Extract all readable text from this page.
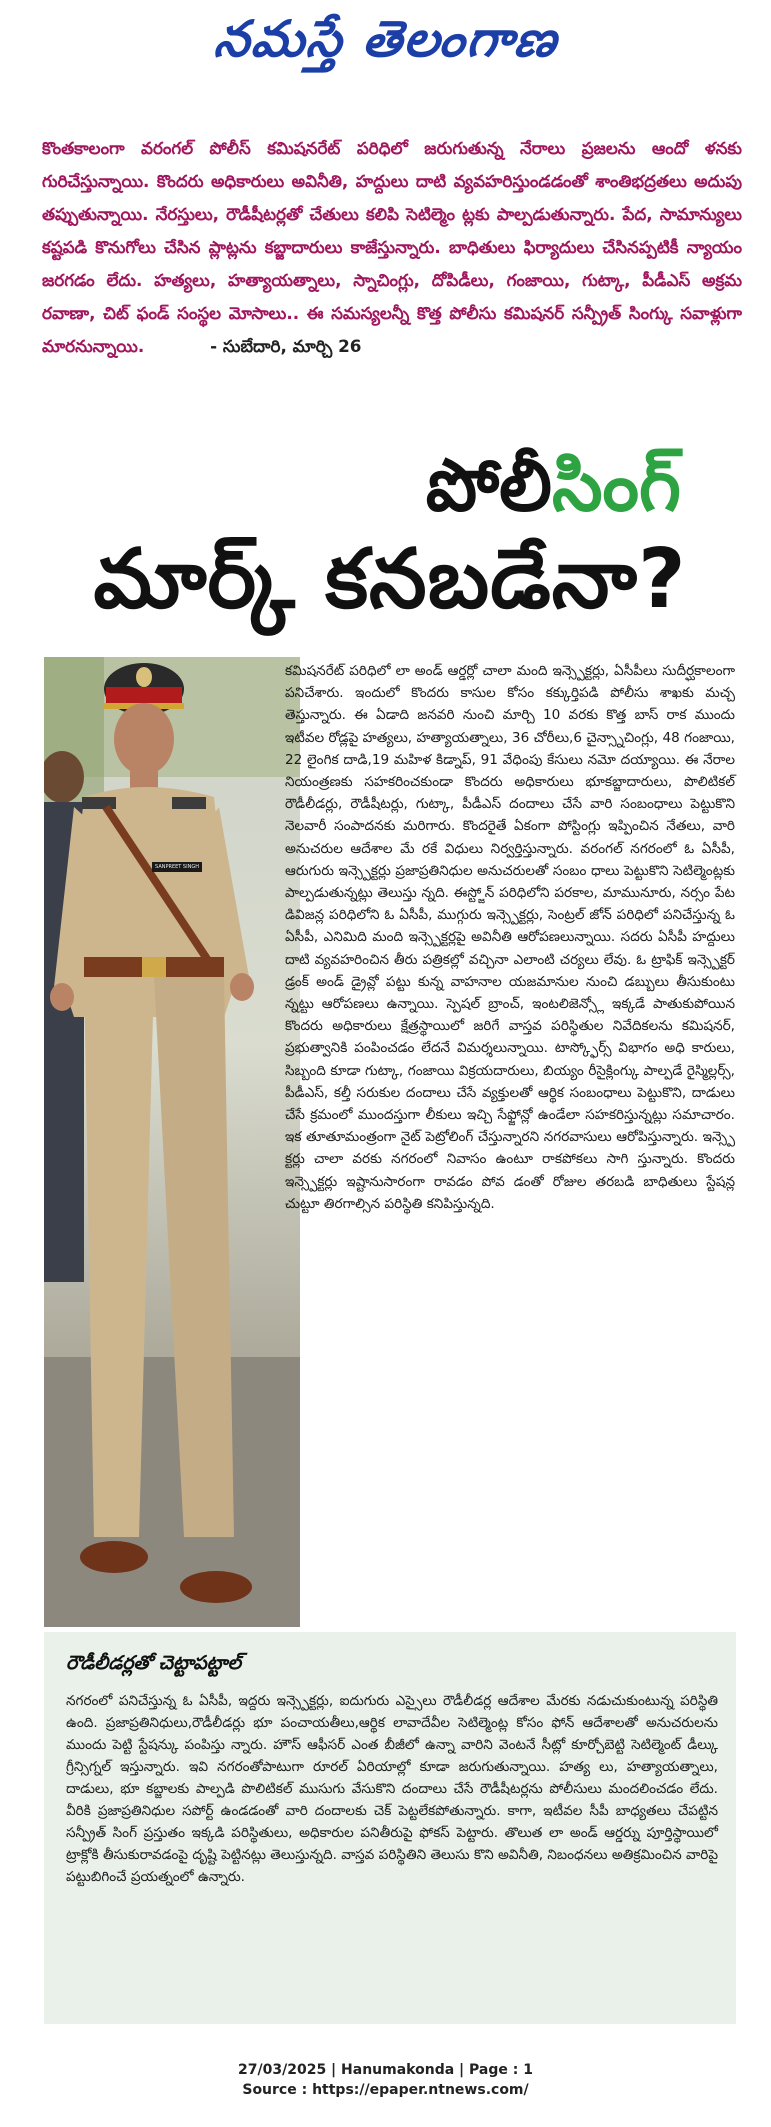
నమస్తే తెలంగాణ
కొంతకాలంగా వరంగల్ పోలీస్ కమిషనరేట్ పరిధిలో జరుగుతున్న నేరాలు ప్రజలను ఆందో ళనకు గురిచేస్తున్నాయి. కొందరు అధికారులు అవినీతి, హద్దులు దాటి వ్యవహరిస్తుండడంతో శాంతిభద్రతలు అదుపు తప్పుతున్నాయి. నేరస్తులు, రౌడీషీటర్లతో చేతులు కలిపి సెటిల్మెం ట్లకు పాల్పడుతున్నారు. పేద, సామాన్యులు కష్టపడి కొనుగోలు చేసిన ప్లాట్లను కబ్జాదారులు కాజేస్తున్నారు. బాధితులు ఫిర్యాదులు చేసినప్పటికీ న్యాయం జరగడం లేదు. హత్యలు, హత్యాయత్నాలు, స్నాచింగ్లు, దోపిడీలు, గంజాయి, గుట్కా, పీడీఎస్ అక్రమ రవాణా, చిట్ ఫండ్ సంస్థల మోసాలు.. ఈ సమస్యలన్నీ కొత్త పోలీసు కమిషనర్ సన్ప్రీత్ సింగ్కు సవాళ్లుగా మారనున్నాయి.	- సుబేదారి, మార్చి 26
పోలీసింగ్
మార్క్ కనబడేనా?
SANPREET SINGH
కమిషనరేట్ పరిధిలో లా అండ్ ఆర్డర్లో చాలా మంది ఇన్స్పెక్టర్లు, ఏసీపీలు సుదీర్ఘకాలంగా పనిచేశారు. ఇందులో కొందరు కాసుల కోసం కక్కుర్తిపడి పోలీసు శాఖకు మచ్చ తెస్తున్నారు. ఈ ఏడాది జనవరి నుంచి మార్చి 10 వరకు కొత్త బాస్ రాక ముందు ఇటీవల రోడ్లపై హత్యలు, హత్యాయత్నాలు, 36 చోరీలు,6 చైన్స్నాచింగ్లు, 48 గంజాయి, 22 లైంగిక దాడి,19 మహిళ కిడ్నాప్, 91 వేధింపు కేసులు నమో దయ్యాయి. ఈ నేరాల నియంత్రణకు సహకరించకుండా కొందరు అధికారులు భూకబ్జాదారులు, పొలిటికల్ రౌడీలీడర్లు, రౌడీషీటర్లు, గుట్కా, పీడీఎస్ దందాలు చేసే వారి సంబంధాలు పెట్టుకొని నెలవారీ సంపాదనకు మరిగారు. కొందరైతే ఏకంగా పోస్టింగ్లు ఇప్పించిన నేతలు, వారి అనుచరుల ఆదేశాల మే రకే విధులు నిర్వర్తిస్తున్నారు. వరంగల్ నగరంలో ఓ ఏసీపీ, ఆరుగురు ఇన్స్పెక్టర్లు ప్రజాప్రతినిధుల అనుచరులతో సంబం ధాలు పెట్టుకొని సెటిల్మెంట్లకు పాల్పడుతున్నట్లు తెలుస్తు న్నది. ఈస్ట్జోన్ పరిధిలోని పరకాల, మామునూరు, నర్సం పేట డివిజన్ల పరిధిలోని ఓ ఏసీపీ, ముగ్గురు ఇన్స్పెక్టర్లు, సెంట్రల్ జోన్ పరిధిలో పనిచేస్తున్న ఓ ఏసీపీ, ఎనిమిది మంది ఇన్స్పెక్టర్లపై అవినీతి ఆరోపణలున్నాయి. సదరు ఏసీపీ హద్దులు దాటి వ్యవహరించిన తీరు పత్రికల్లో వచ్చినా ఎలాంటి చర్యలు లేవు. ఓ ట్రాఫిక్ ఇన్స్పెక్టర్ డ్రంక్ అండ్ డ్రైవ్లో పట్టు కున్న వాహనాల యజమానుల నుంచి డబ్బులు తీసుకుంటు న్నట్టు ఆరోపణలు ఉన్నాయి. స్పెషల్ బ్రాంచ్, ఇంటలిజెన్స్లో ఇక్కడే పాతుకుపోయిన కొందరు అధికారులు క్షేత్రస్థాయిలో జరిగే వాస్తవ పరిస్థితుల నివేదికలను కమిషనర్, ప్రభుత్వానికి పంపించడం లేదనే విమర్శలున్నాయి. టాస్క్ఫోర్స్ విభాగం అధి కారులు, సిబ్బంది కూడా గుట్కా, గంజాయి విక్రయదారులు, బియ్యం రీసైక్లింగ్కు పాల్పడే రైస్మిల్లర్స్, పీడీఎస్, కల్తీ సరుకుల దందాలు చేసే వ్యక్తులతో ఆర్థిక సంబంధాలు పెట్టుకొని, దాడులు చేసే క్రమంలో ముందస్తుగా లీకులు ఇచ్చి సేఫ్జోన్లో ఉండేలా సహకరిస్తున్నట్లు సమాచారం. ఇక తూతూమంత్రంగా నైట్ పెట్రోలింగ్ చేస్తున్నారని నగరవాసులు ఆరోపిస్తున్నారు. ఇన్స్పె క్టర్లు చాలా వరకు నగరంలో నివాసం ఉంటూ రాకపోకలు సాగి స్తున్నారు. కొందరు ఇన్స్పెక్టర్లు ఇష్టానుసారంగా రావడం పోవ డంతో రోజుల తరబడి బాధితులు స్టేషన్ల చుట్టూ తిరగాల్సిన పరిస్థితి కనిపిస్తున్నది.
రౌడీలీడర్లతో చెట్టాపట్టాల్
నగరంలో పనిచేస్తున్న ఓ ఏసీపీ, ఇద్దరు ఇన్స్పెక్టర్లు, ఐదుగురు ఎస్సైలు రౌడీలీడర్ల ఆదేశాల మేరకు నడుచుకుంటున్న పరిస్థితి ఉంది. ప్రజాప్రతినిధులు,రౌడీలీడర్లు భూ పంచాయతీలు,ఆర్థిక లావాదేవీల సెటిల్మెంట్ల కోసం ఫోన్ ఆదేశాలతో అనుచరులను ముందు పెట్టి స్టేషన్కు పంపిస్తు న్నారు. హౌస్ ఆఫీసర్ ఎంత బీజీలో ఉన్నా వారిని వెంటనే సీట్లో కూర్చోబెట్టి సెటిల్మెంట్ డీల్కు గ్రీన్సిగ్నల్ ఇస్తున్నారు. ఇవి నగరంతోపాటుగా రూరల్ ఏరియాల్లో కూడా జరుగుతున్నాయి. హత్య లు, హత్యాయత్నాలు, దాడులు, భూ కబ్జాలకు పాల్పడి పొలిటికల్ ముసుగు వేసుకొని దందాలు చేసే రౌడీషీటర్లను పోలీసులు మందలించడం లేదు. వీరికి ప్రజాప్రతినిధుల సపోర్ట్ ఉండడంతో వారి దందాలకు చెక్ పెట్టలేకపోతున్నారు. కాగా, ఇటీవల సీపీ బాధ్యతలు చేపట్టిన సన్ప్రీత్ సింగ్ ప్రస్తుతం ఇక్కడి పరిస్థితులు, అధికారుల పనితీరుపై ఫోకస్ పెట్టారు. తొలుత లా అండ్ ఆర్డర్ను పూర్తిస్థాయిలో ట్రాక్లోకి తీసుకురావడంపై దృష్టి పెట్టినట్లు తెలుస్తున్నది. వాస్తవ పరిస్థితిని తెలుసు కొని అవినీతి, నిబంధనలు అతిక్రమించిన వారిపై పట్టుబిగించే ప్రయత్నంలో ఉన్నారు.
27/03/2025 | Hanumakonda | Page : 1
Source : https://epaper.ntnews.com/
